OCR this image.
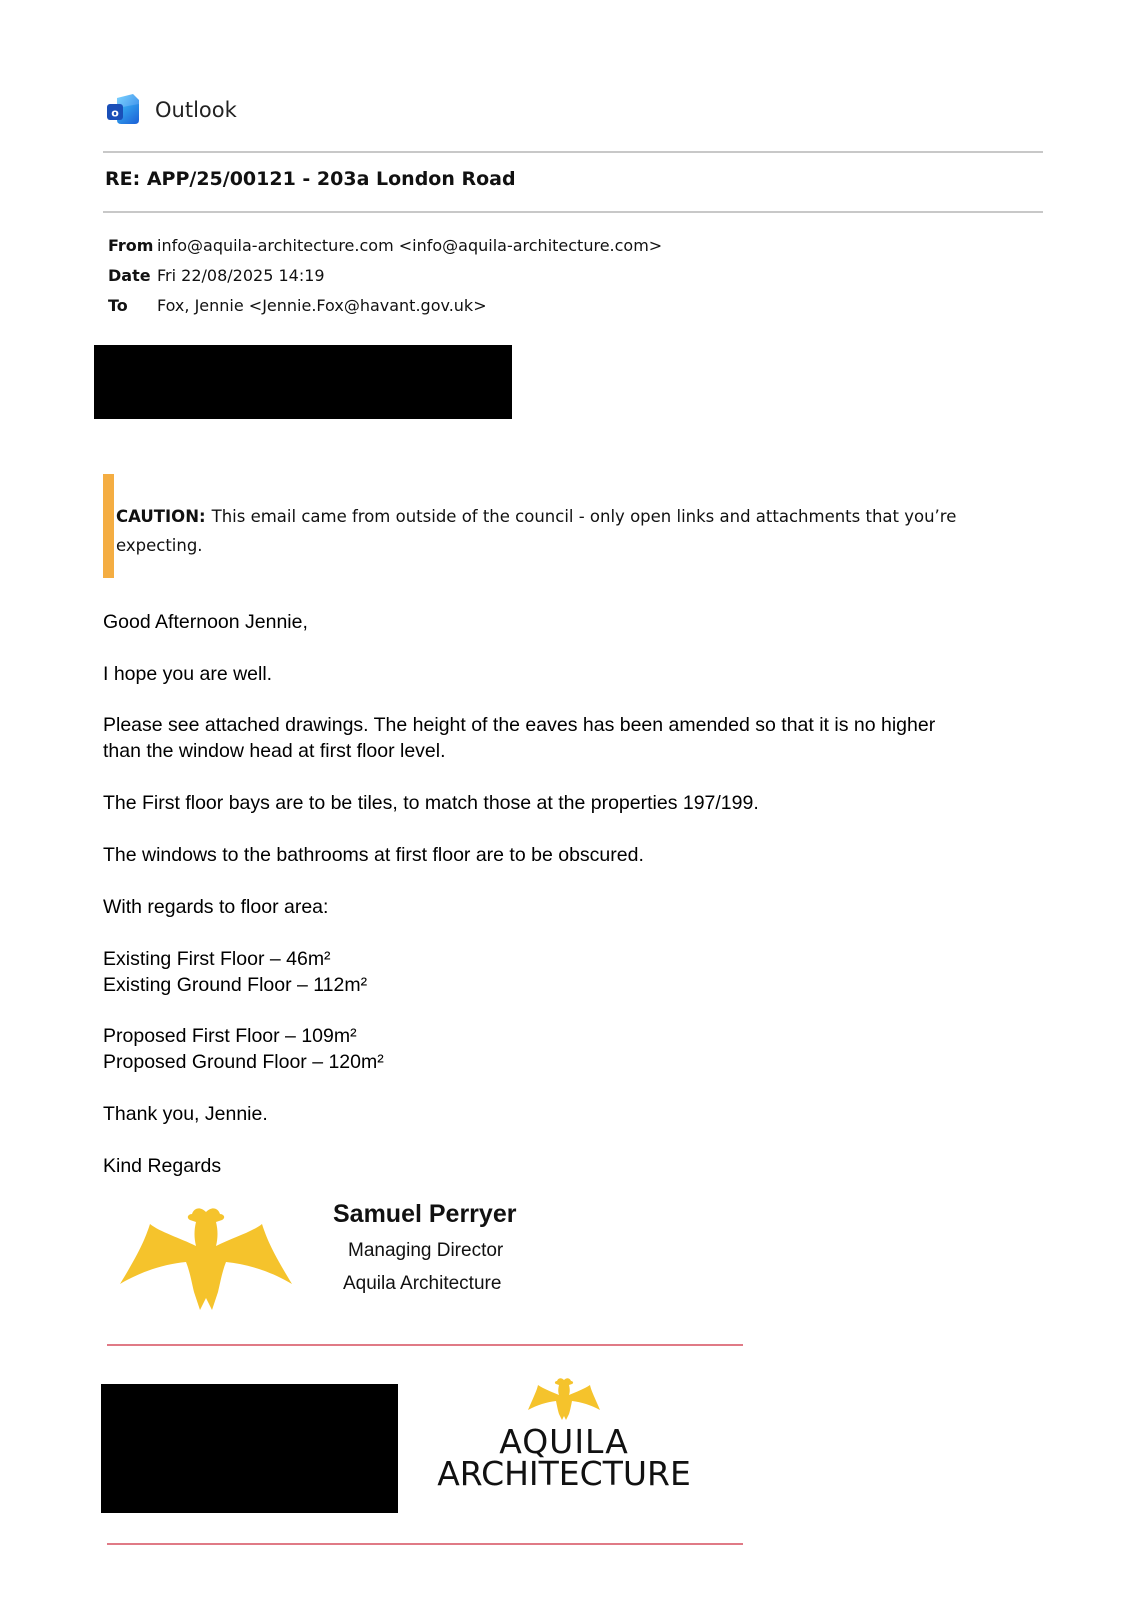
o Outlook
RE: APP/25/00121 - 203a London Road
From info@aquila-architecture.com <info@aquila-architecture.com>
Date Fri 22/08/2025 14:19
To	Fox, Jennie <Jennie.Fox@havant.gov.uk>
CAUTION: This email came from outside of the council - only open links and attachments that you’re expecting.
Good Afternoon Jennie,
I hope you are well.
Please see attached drawings. The height of the eaves has been amended so that it is no higher
than the window head at first floor level.
The First floor bays are to be tiles, to match those at the properties 197/199.
The windows to the bathrooms at first floor are to be obscured.
With regards to floor area:
Existing First Floor – 46m²
Existing Ground Floor – 112m²
Proposed First Floor – 109m²
Proposed Ground Floor – 120m²
Thank you, Jennie.
Kind Regards
Samuel Perryer
Managing Director
Aquila Architecture
AQUILA
ARCHITECTURE
